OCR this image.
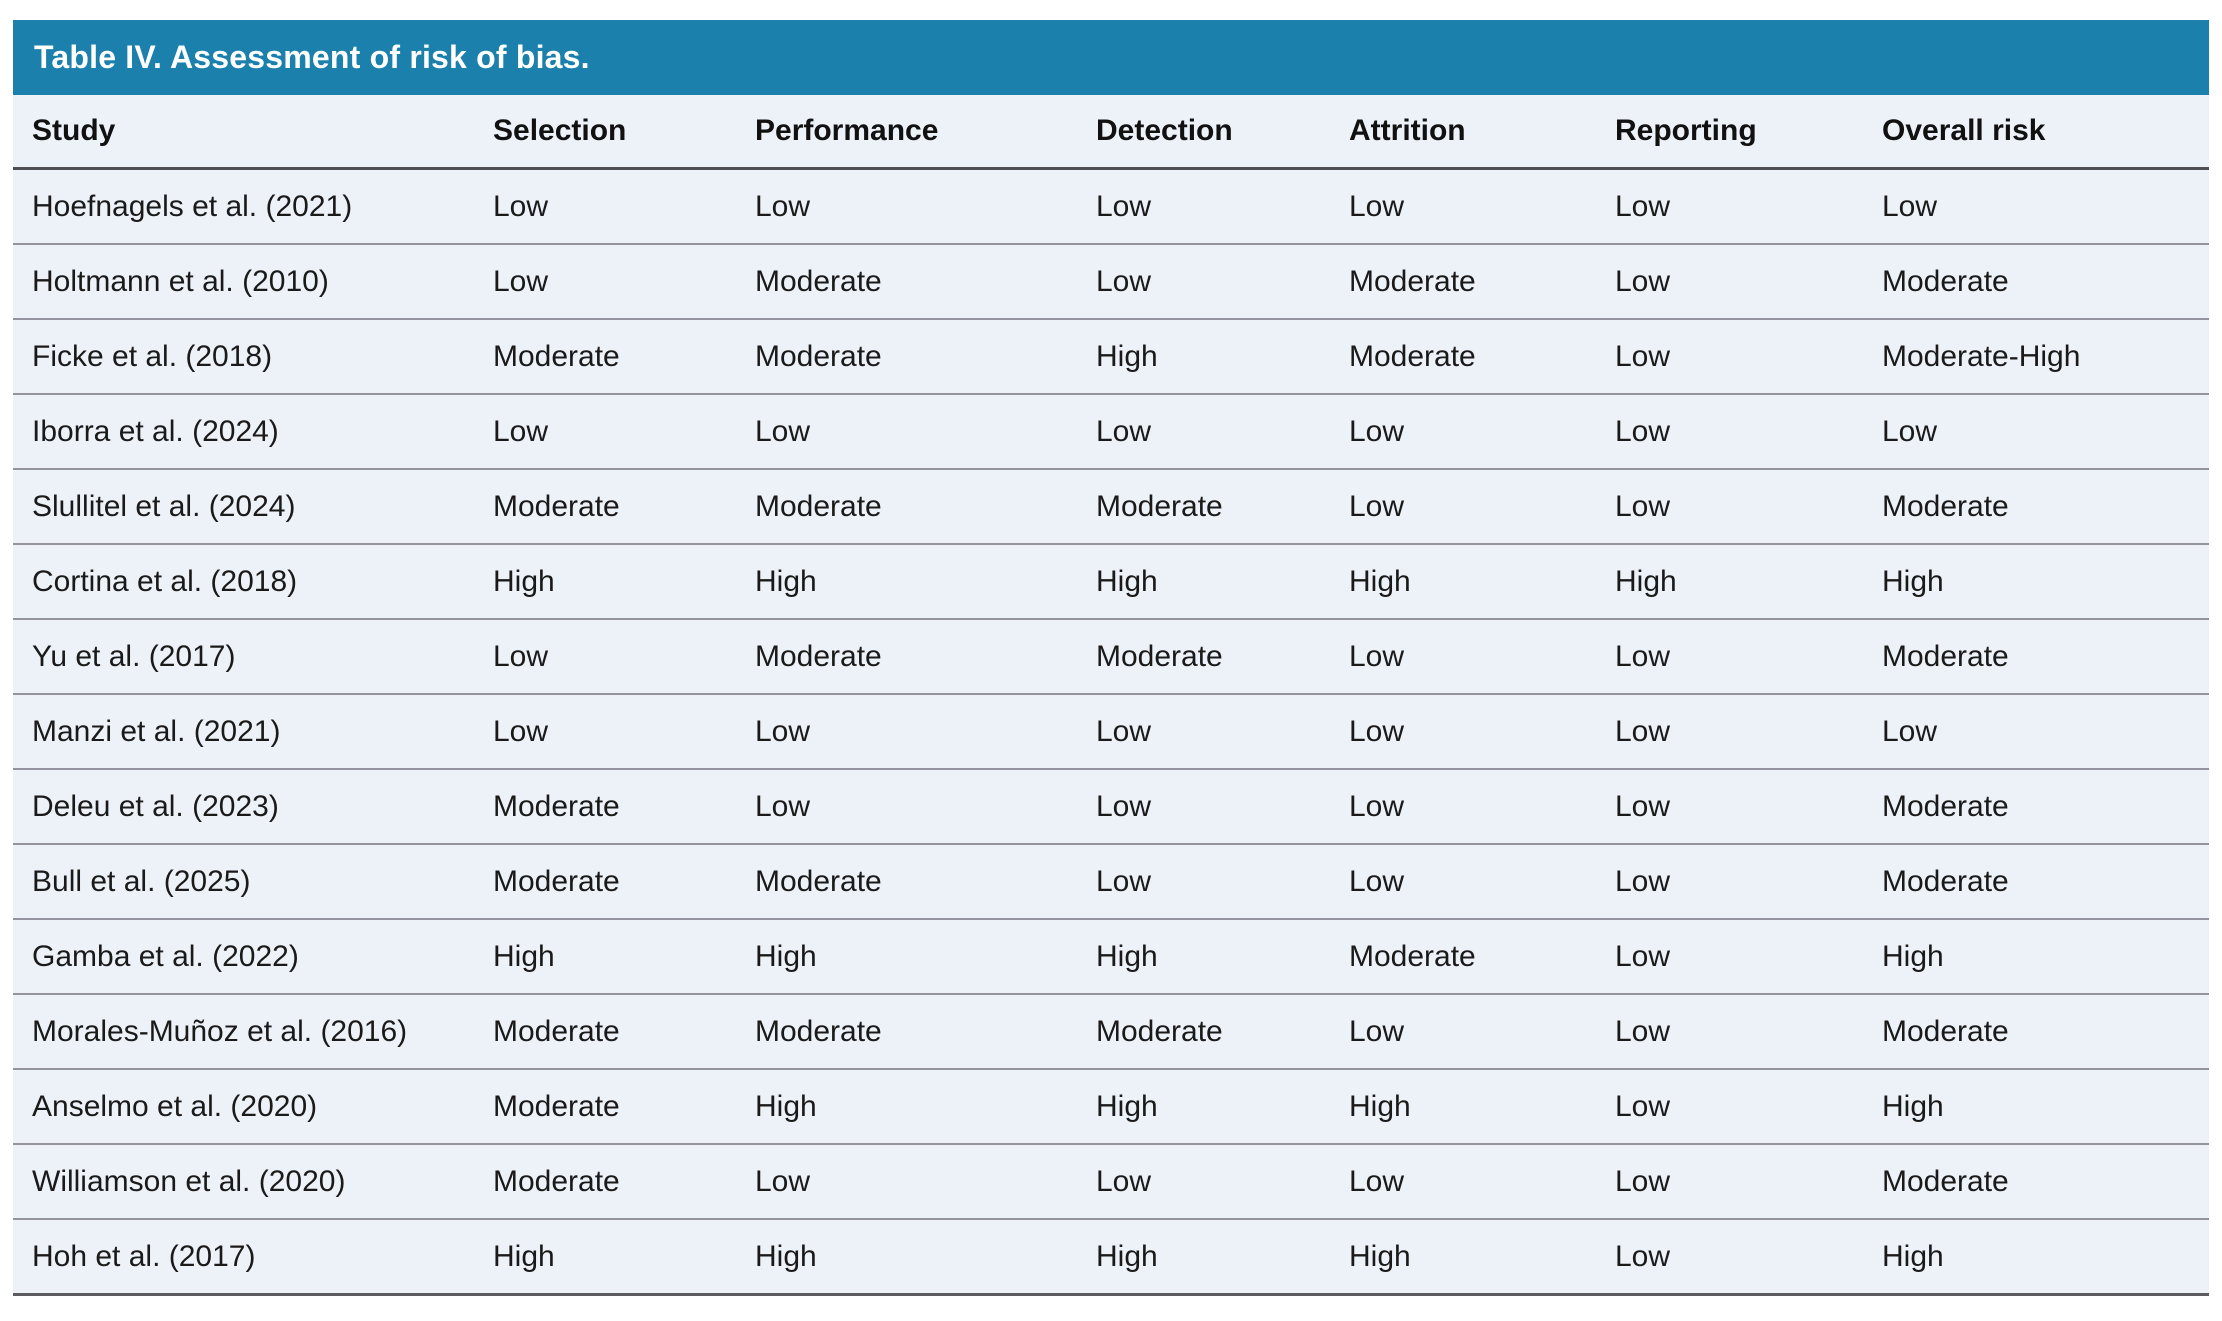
Table IV. Assessment of risk of bias.
Study	Selection	Performance	Detection	Attrition	Reporting	Overall risk
Hoefnagels et al. (2021)	Low	Low	Low	Low	Low	Low
Holtmann et al. (2010)	Low	Moderate	Low	Moderate	Low	Moderate
Ficke et al. (2018)	Moderate	Moderate	High	Moderate	Low	Moderate-High
Iborra et al. (2024)	Low	Low	Low	Low	Low	Low
Slullitel et al. (2024)	Moderate	Moderate	Moderate	Low	Low	Moderate
Cortina et al. (2018)	High	High	High	High	High	High
Yu et al. (2017)	Low	Moderate	Moderate	Low	Low	Moderate
Manzi et al. (2021)	Low	Low	Low	Low	Low	Low
Deleu et al. (2023)	Moderate	Low	Low	Low	Low	Moderate
Bull et al. (2025)	Moderate	Moderate	Low	Low	Low	Moderate
Gamba et al. (2022)	High	High	High	Moderate	Low	High
Morales-Muñoz et al. (2016)	Moderate	Moderate	Moderate	Low	Low	Moderate
Anselmo et al. (2020)	Moderate	High	High	High	Low	High
Williamson et al. (2020)	Moderate	Low	Low	Low	Low	Moderate
Hoh et al. (2017)	High	High	High	High	Low	High
